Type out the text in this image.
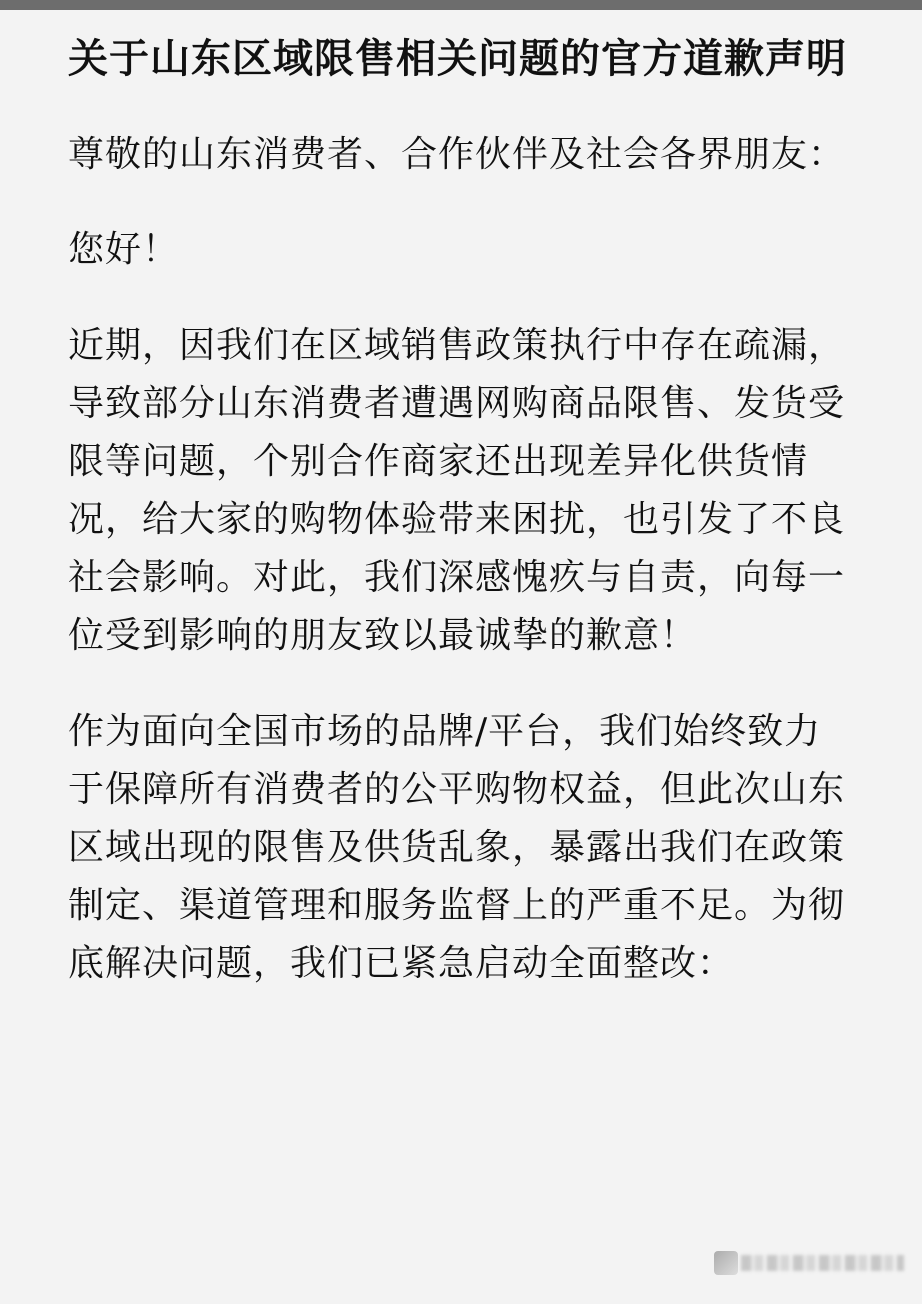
关于山东区域限售相关问题的官方道歉声明

尊敬的山东消费者、合作伙伴及社会各界朋友：

您好！

近期，因我们在区域销售政策执行中存在疏漏，导致部分山东消费者遭遇网购商品限售、发货受限等问题，个别合作商家还出现差异化供货情况，给大家的购物体验带来困扰，也引发了不良社会影响。对此，我们深感愧疚与自责，向每一位受到影响的朋友致以最诚挚的歉意！

作为面向全国市场的品牌/平台，我们始终致力于保障所有消费者的公平购物权益，但此次山东区域出现的限售及供货乱象，暴露出我们在政策制定、渠道管理和服务监督上的严重不足。为彻底解决问题，我们已紧急启动全面整改：
